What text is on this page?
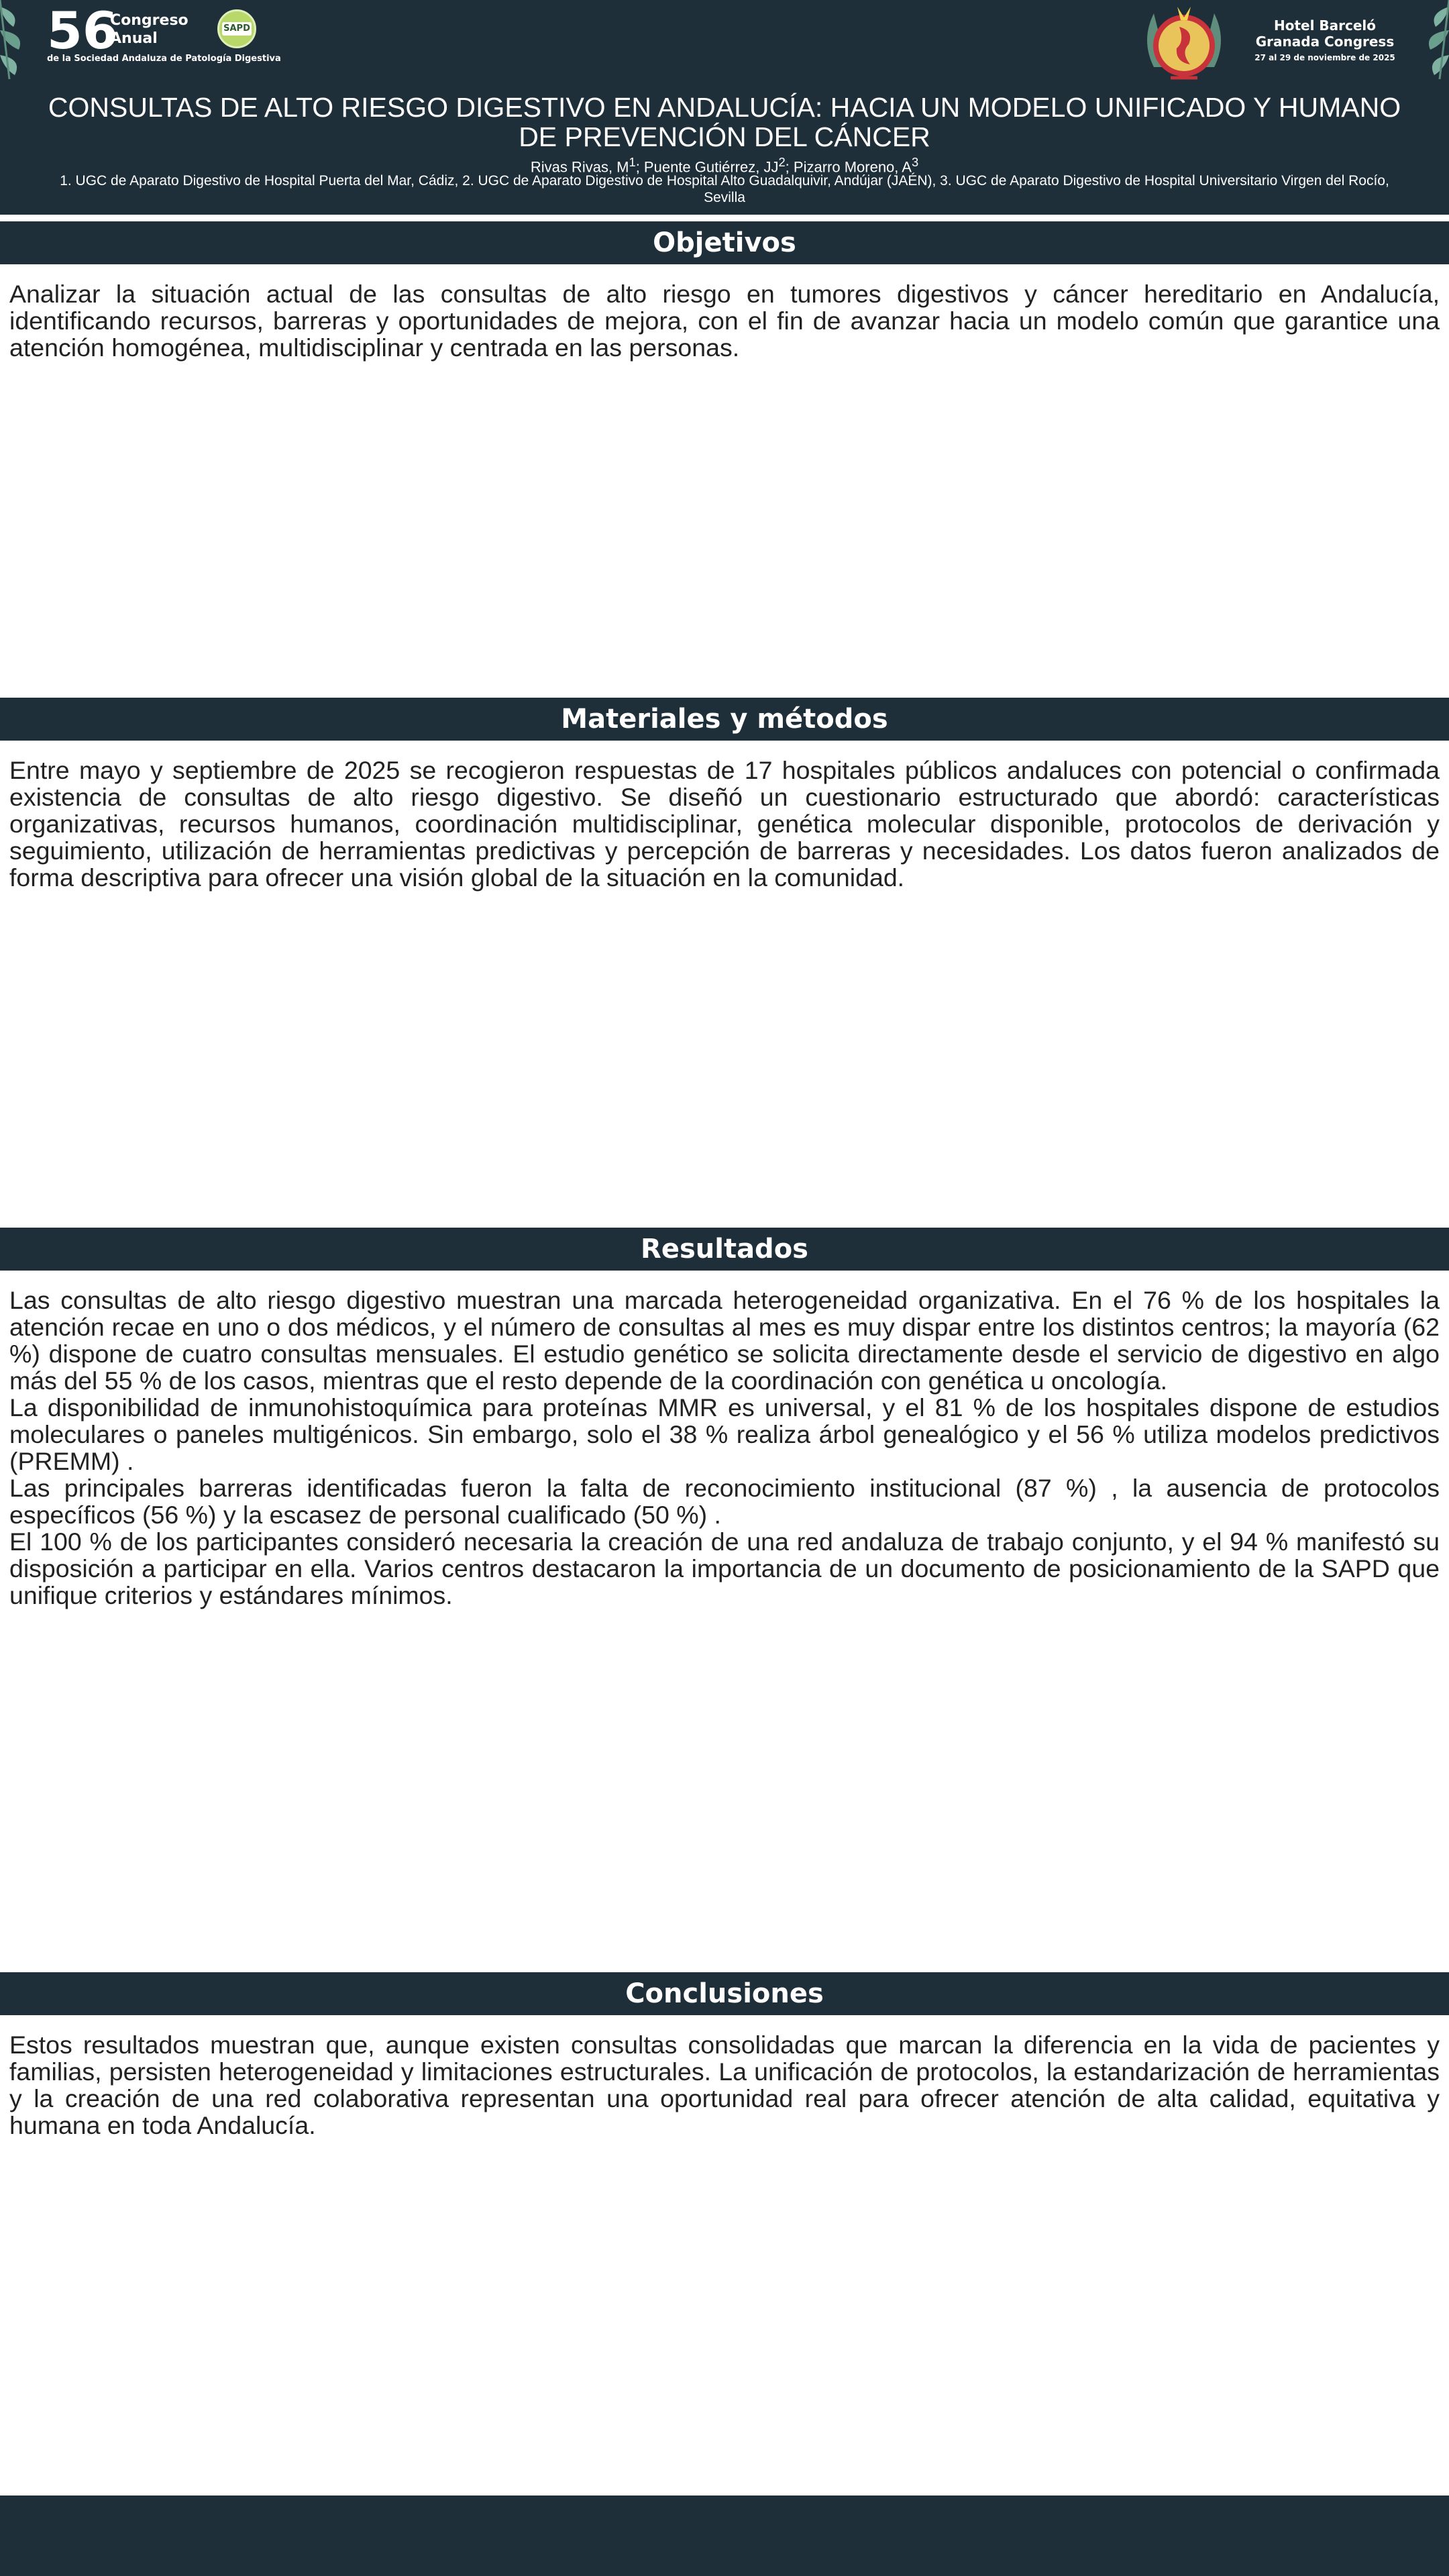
56
Congreso
Anual
de la Sociedad Andaluza de Patología Digestiva
SAPD	Hotel Barceló
Granada Congress
27 al 29 de noviembre de 2025
CONSULTAS DE ALTO RIESGO DIGESTIVO EN ANDALUCÍA: HACIA UN MODELO UNIFICADO Y HUMANO DE PREVENCIÓN DEL CÁNCER
Rivas Rivas, $M^1$; Puente Gutiérrez, $JJ^2$; Pizarro Moreno, $A^3$
1. UGC de Aparato Digestivo de Hospital Puerta del Mar, Cádiz, 2. UGC de Aparato Digestivo de Hospital Alto Guadalquivir, Andújar (JAÉN), 3. UGC de Aparato Digestivo de Hospital Universitario Virgen del Rocío, Sevilla
Objetivos

Analizar la situación actual de las consultas de alto riesgo en tumores digestivos y cáncer hereditario en Andalucía, identificando recursos, barreras y oportunidades de mejora, con el fin de avanzar hacia un modelo común que garantice una atención homogénea, multidisciplinar y centrada en las personas.

Materiales y métodos

Entre mayo y septiembre de 2025 se recogieron respuestas de 17 hospitales públicos andaluces con potencial o confirmada existencia de consultas de alto riesgo digestivo. Se diseñó un cuestionario estructurado que abordó: características organizativas, recursos humanos, coordinación multidisciplinar, genética molecular disponible, protocolos de derivación y seguimiento, utilización de herramientas predictivas y percepción de barreras y necesidades. Los datos fueron analizados de forma descriptiva para ofrecer una visión global de la situación en la comunidad.

Resultados

Las consultas de alto riesgo digestivo muestran una marcada heterogeneidad organizativa. En el 76 % de los hospitales la atención recae en uno o dos médicos, y el número de consultas al mes es muy dispar entre los distintos centros; la mayoría (62 %) dispone de cuatro consultas mensuales. El estudio genético se solicita directamente desde el servicio de digestivo en algo más del 55 % de los casos, mientras que el resto depende de la coordinación con genética u oncología.

La disponibilidad de inmunohistoquímica para proteínas MMR es universal, y el 81 % de los hospitales dispone de estudios moleculares o paneles multigénicos. Sin embargo, solo el 38 % realiza árbol genealógico y el 56 % utiliza modelos predictivos (PREMM) .

Las principales barreras identificadas fueron la falta de reconocimiento institucional (87 %) , la ausencia de protocolos específicos (56 %) y la escasez de personal cualificado (50 %) .

El 100 % de los participantes consideró necesaria la creación de una red andaluza de trabajo conjunto, y el 94 % manifestó su disposición a participar en ella. Varios centros destacaron la importancia de un documento de posicionamiento de la SAPD que unifique criterios y estándares mínimos.

Conclusiones

Estos resultados muestran que, aunque existen consultas consolidadas que marcan la diferencia en la vida de pacientes y familias, persisten heterogeneidad y limitaciones estructurales. La unificación de protocolos, la estandarización de herramientas y la creación de una red colaborativa representan una oportunidad real para ofrecer atención de alta calidad, equitativa y humana en toda Andalucía.
